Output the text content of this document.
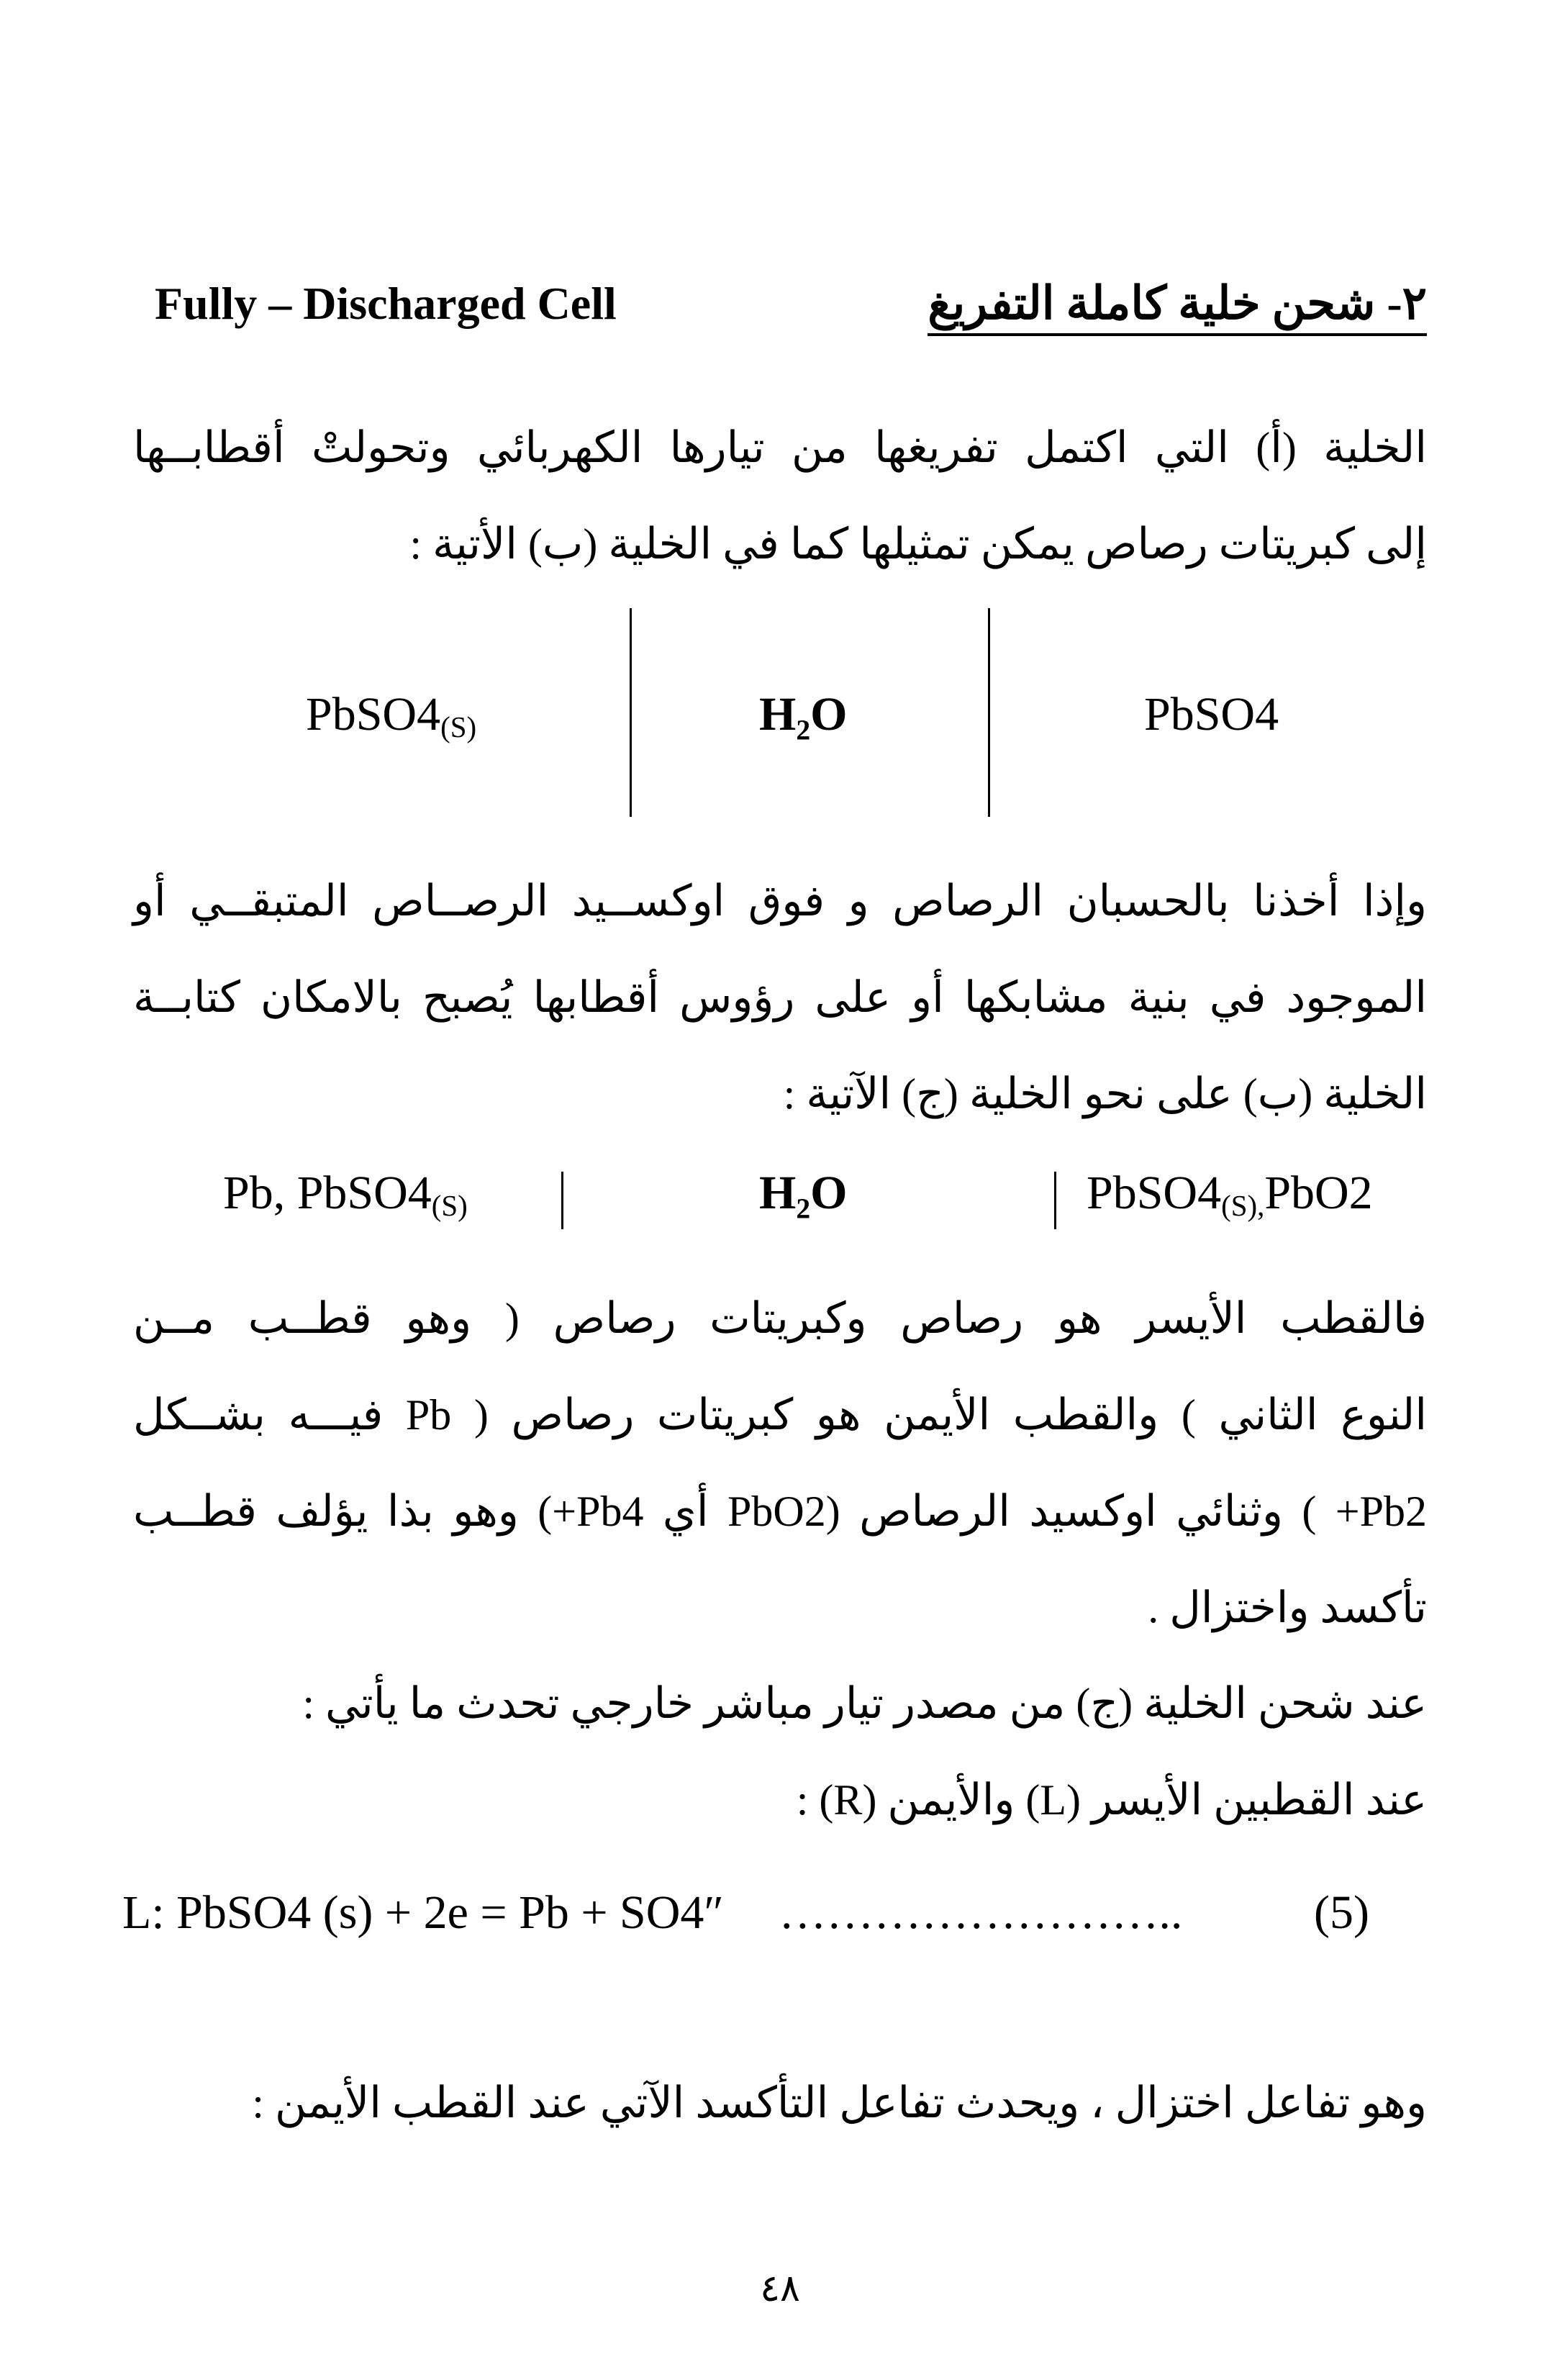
Fully – Discharged Cell	٢- شحن خلية كاملة التفريغ
الخلية (أ) التي اكتمل تفريغها من تيارها الكهربائي وتحولتْ أقطابــها
إلى كبريتات رصاص يمكن تمثيلها كما في الخلية (ب) الأتية :
$PbSO4_{(S)}$	H₂O	PbSO4
وإذا أخذنا بالحسبان الرصاص و فوق اوكســيد الرصــاص المتبقــي أو
الموجود في بنية مشابكها أو على رؤوس أقطابها يُصبح بالامكان كتابــة
الخلية (ب) على نحو الخلية (ج) الآتية :
Pb, $PbSO4_{(S)}$	H₂O	$PbSO4_{(S),}PbO2$
فالقطب الأيسر هو رصاص وكبريتات رصاص ( وهو قطــب مــن
النوع الثاني ) والقطب الأيمن هو كبريتات رصاص ( Pb فيـــه بشــكل
Pb2+ ) وثنائي اوكسيد الرصاص (PbO2 أي Pb4+) وهو بذا يؤلف قطــب
تأكسد واختزال .
عند شحن الخلية (ج) من مصدر تيار مباشر خارجي تحدث ما يأتي :
عند القطبين الأيسر (L) والأيمن (R) :
L: PbSO4 (s) + 2e = Pb + SO4″ ……………………..	(5)
وهو تفاعل اختزال ، ويحدث تفاعل التأكسد الآتي عند القطب الأيمن :
٤٨
